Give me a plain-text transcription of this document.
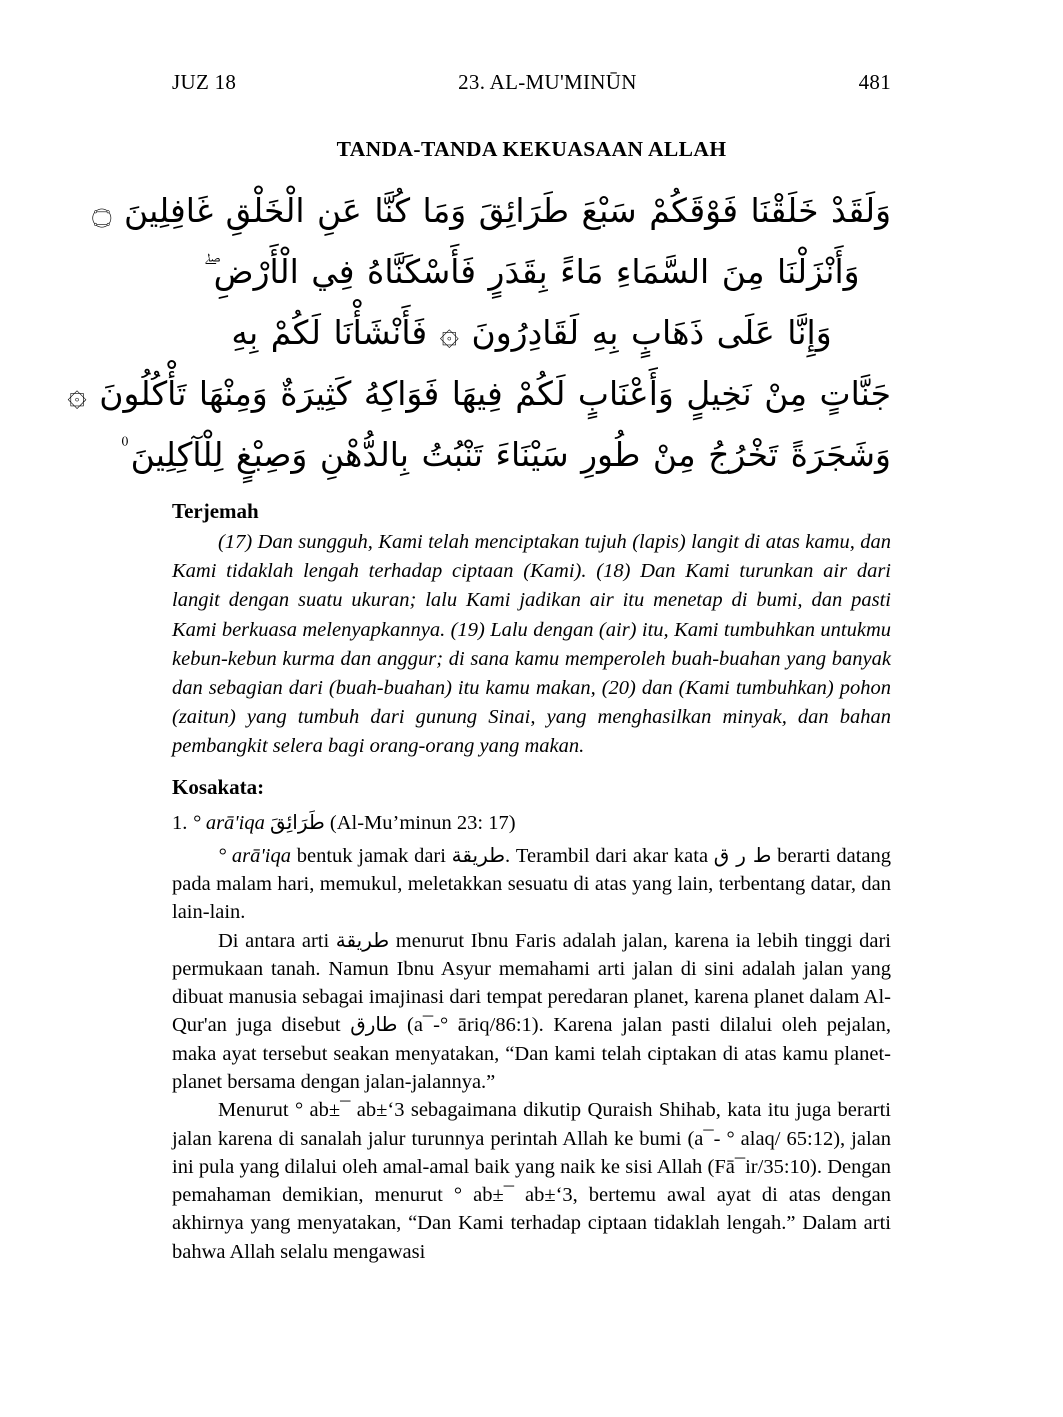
JUZ 18	23. AL-MU'MINŪN	481
TANDA-TANDA KEKUASAAN ALLAH
وَلَقَدْ خَلَقْنَا فَوْقَكُمْ سَبْعَ طَرَائِقَ وَمَا كُنَّا عَنِ الْخَلْقِ غَافِلِينَ ۝
وَأَنْزَلْنَا مِنَ السَّمَاءِ مَاءً بِقَدَرٍ فَأَسْكَنَّاهُ فِي الْأَرْضِ ۖ
وَإِنَّا عَلَى ذَهَابٍ بِهِ لَقَادِرُونَ ۞ فَأَنْشَأْنَا لَكُمْ بِهِ
جَنَّاتٍ مِنْ نَخِيلٍ وَأَعْنَابٍ لَكُمْ فِيهَا فَوَاكِهُ كَثِيرَةٌ وَمِنْهَا تَأْكُلُونَ ۞
وَشَجَرَةً تَخْرُجُ مِنْ طُورِ سَيْنَاءَ تَنْبُتُ بِالدُّهْنِ وَصِبْغٍ لِلْآكِلِينَ ۠
Terjemah

(17) Dan sungguh, Kami telah menciptakan tujuh (lapis) langit di atas kamu, dan Kami tidaklah lengah terhadap ciptaan (Kami). (18) Dan Kami turunkan air dari langit dengan suatu ukuran; lalu Kami jadikan air itu menetap di bumi, dan pasti Kami berkuasa melenyapkannya. (19) Lalu dengan (air) itu, Kami tumbuhkan untukmu kebun-kebun kurma dan anggur; di sana kamu memperoleh buah-buahan yang banyak dan sebagian dari (buah-buahan) itu kamu makan, (20) dan (Kami tumbuhkan) pohon (zaitun) yang tumbuh dari gunung Sinai, yang menghasilkan minyak, dan bahan pembangkit selera bagi orang-orang yang makan.

Kosakata:
1. ° arā'iqa طَرَائِقَ (Al-Mu’minun 23: 17)

° arā'iqa bentuk jamak dari طريقة. Terambil dari akar kata ط ر ق berarti datang pada malam hari, memukul, meletakkan sesuatu di atas yang lain, terbentang datar, dan lain-lain.

Di antara arti طريقة menurut Ibnu Faris adalah jalan, karena ia lebih tinggi dari permukaan tanah. Namun Ibnu Asyur memahami arti jalan di sini adalah jalan yang dibuat manusia sebagai imajinasi dari tempat peredaran planet, karena planet dalam Al-Qur'an juga disebut طارق (a¯-° āriq/86:1). Karena jalan pasti dilalui oleh pejalan, maka ayat tersebut seakan menyatakan, “Dan kami telah ciptakan di atas kamu planet-planet bersama dengan jalan-jalannya.”

Menurut ° ab±¯ ab±‘3 sebagaimana dikutip Quraish Shihab, kata itu juga berarti jalan karena di sanalah jalur turunnya perintah Allah ke bumi (a¯- ° alaq/ 65:12), jalan ini pula yang dilalui oleh amal-amal baik yang naik ke sisi Allah (Fā¯ir/35:10). Dengan pemahaman demikian, menurut ° ab±¯ ab±‘3, bertemu awal ayat di atas dengan akhirnya yang menyatakan, “Dan Kami terhadap ciptaan tidaklah lengah.” Dalam arti bahwa Allah selalu mengawasi
